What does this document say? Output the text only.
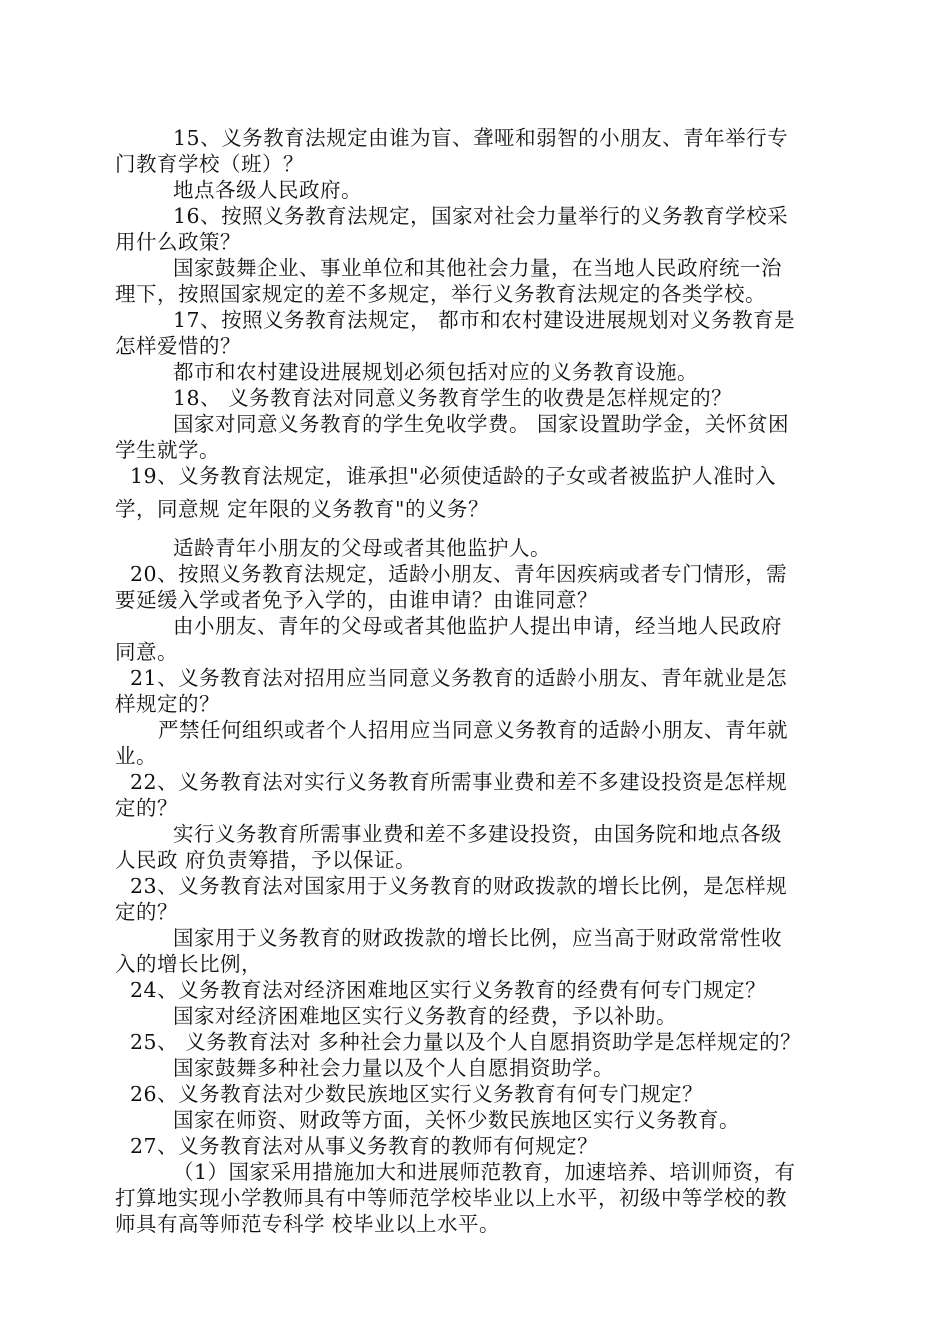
15、义务教育法规定由谁为盲、聋哑和弱智的小朋友、青年举行专
门教育学校（班）？
地点各级人民政府。
16、按照义务教育法规定，国家对社会力量举行的义务教育学校采
用什么政策？
国家鼓舞企业、事业单位和其他社会力量，在当地人民政府统一治
理下，按照国家规定的差不多规定，举行义务教育法规定的各类学校。
17、按照义务教育法规定， 都市和农村建设进展规划对义务教育是
怎样爱惜的？
都市和农村建设进展规划必须包括对应的义务教育设施。
18、 义务教育法对同意义务教育学生的收费是怎样规定的？
国家对同意义务教育的学生免收学费。 国家设置助学金，关怀贫困
学生就学。
19、义务教育法规定，谁承担"必须使适龄的子女或者被监护人准时入
学，同意规 定年限的义务教育"的义务？
适龄青年小朋友的父母或者其他监护人。
20、按照义务教育法规定，适龄小朋友、青年因疾病或者专门情形，需
要延缓入学或者免予入学的，由谁申请？由谁同意？
由小朋友、青年的父母或者其他监护人提出申请，经当地人民政府
同意。
21、义务教育法对招用应当同意义务教育的适龄小朋友、青年就业是怎
样规定的？
严禁任何组织或者个人招用应当同意义务教育的适龄小朋友、青年就
业。
22、义务教育法对实行义务教育所需事业费和差不多建设投资是怎样规
定的？
实行义务教育所需事业费和差不多建设投资，由国务院和地点各级
人民政 府负责筹措，予以保证。
23、义务教育法对国家用于义务教育的财政拨款的增长比例，是怎样规
定的？
国家用于义务教育的财政拨款的增长比例，应当高于财政常常性收
入的增长比例，
24、义务教育法对经济困难地区实行义务教育的经费有何专门规定？
国家对经济困难地区实行义务教育的经费，予以补助。
25、 义务教育法对 多种社会力量以及个人自愿捐资助学是怎样规定的？
国家鼓舞多种社会力量以及个人自愿捐资助学。
26、义务教育法对少数民族地区实行义务教育有何专门规定？
国家在师资、财政等方面，关怀少数民族地区实行义务教育。
27、义务教育法对从事义务教育的教师有何规定？
（1）国家采用措施加大和进展师范教育，加速培养、培训师资，有
打算地实现小学教师具有中等师范学校毕业以上水平，初级中等学校的教
师具有高等师范专科学 校毕业以上水平。
